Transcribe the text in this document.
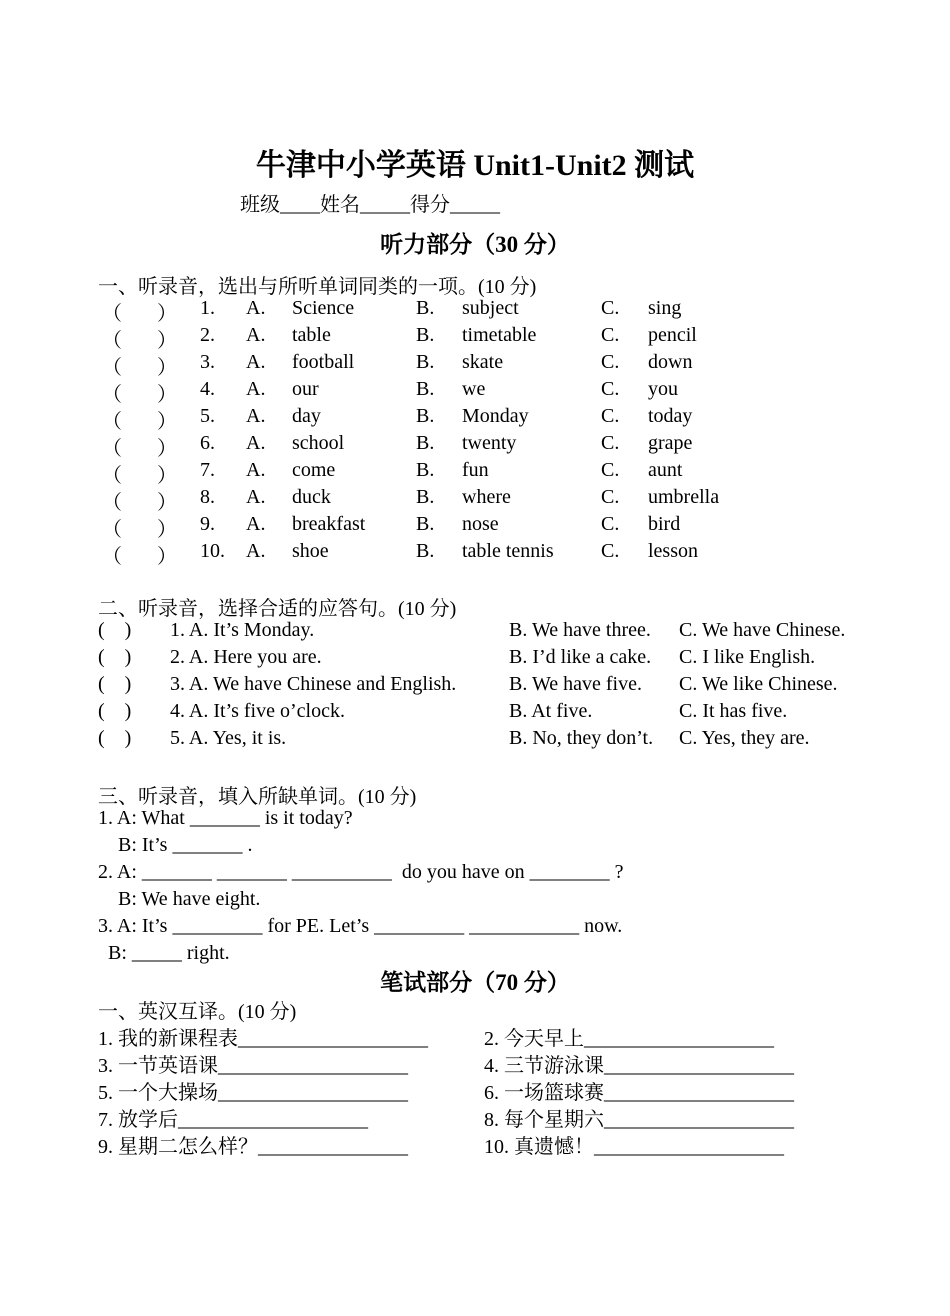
牛津中小学英语 Unit1-Unit2 测试
班级____姓名_____得分_____
听力部分（30 分）
一、听录音，选出与所听单词同类的一项。(10 分)
（       ） 1. A. Science	B. subject	C. sing
（       ） 2. A. table	B. timetable	C. pencil
（       ） 3. A. football	B. skate	C. down
（       ） 4. A. our	B. we	C. you
（       ） 5. A. day	B. Monday	C. today
（       ） 6. A. school	B. twenty	C. grape
（       ） 7. A. come	B. fun	C. aunt
（       ） 8. A. duck	B. where	C. umbrella
（       ） 9. A. breakfast	B. nose	C. bird
（       ） 10. A. shoe	B. table tennis C. lesson
二、听录音，选择合适的应答句。(10 分)
(    ) 1. A. It’s Monday.	B. We have three. C. We have Chinese.
(    ) 2. A. Here you are.	B. I’d like a cake. C. I like English.
(    ) 3. A. We have Chinese and English.	B. We have five. C. We like Chinese.
(    ) 4. A. It’s five o’clock.	B. At five.	C. It has five.
(    ) 5. A. Yes, it is.	B. No, they don’t. C. Yes, they are.
三、听录音，填入所缺单词。(10 分)
1. A: What _______ is it today?
B: It’s _______ .
2. A: _______ _______ __________  do you have on ________ ?
B: We have eight.
3. A: It’s _________ for PE. Let’s _________ ___________ now.
B: _____ right.
笔试部分（70 分）
一、英汉互译。(10 分)
1. 我的新课程表___________________	2. 今天早上___________________
3. 一节英语课___________________	4. 三节游泳课___________________
5. 一个大操场___________________	6. 一场篮球赛___________________
7. 放学后___________________	8. 每个星期六___________________
9. 星期二怎么样？_______________	10. 真遗憾！___________________
